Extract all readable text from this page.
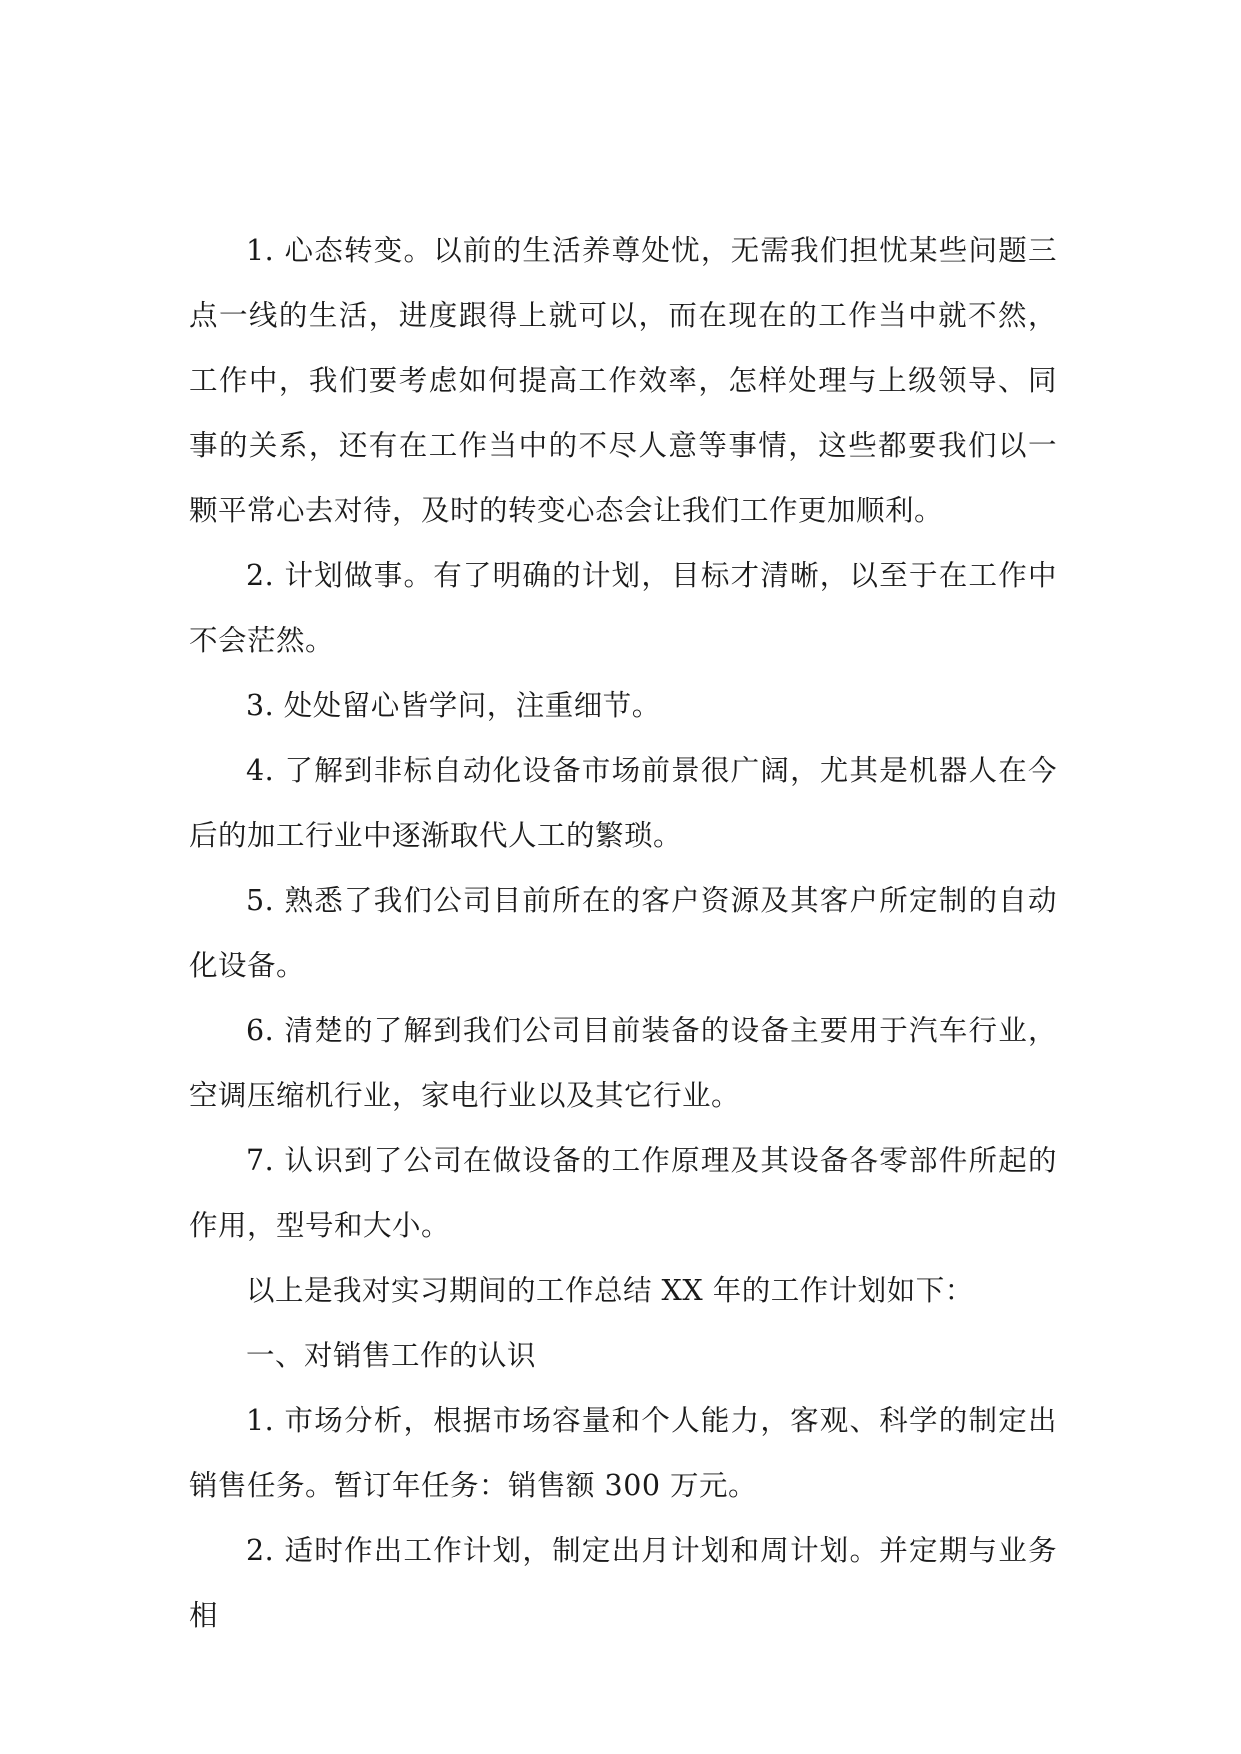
1. 心态转变。以前的生活养尊处忧，无需我们担忧某些问题三点一线的生活，进度跟得上就可以，而在现在的工作当中就不然，工作中，我们要考虑如何提高工作效率，怎样处理与上级领导、同事的关系，还有在工作当中的不尽人意等事情，这些都要我们以一颗平常心去对待，及时的转变心态会让我们工作更加顺利。

2. 计划做事。有了明确的计划，目标才清晰，以至于在工作中不会茫然。

3. 处处留心皆学问，注重细节。

4. 了解到非标自动化设备市场前景很广阔，尤其是机器人在今后的加工行业中逐渐取代人工的繁琐。

5. 熟悉了我们公司目前所在的客户资源及其客户所定制的自动化设备。

6. 清楚的了解到我们公司目前装备的设备主要用于汽车行业，空调压缩机行业，家电行业以及其它行业。

7. 认识到了公司在做设备的工作原理及其设备各零部件所起的作用，型号和大小。

以上是我对实习期间的工作总结 XX 年的工作计划如下：

一、对销售工作的认识

1. 市场分析，根据市场容量和个人能力，客观、科学的制定出销售任务。暂订年任务：销售额 300 万元。

2. 适时作出工作计划，制定出月计划和周计划。并定期与业务相
